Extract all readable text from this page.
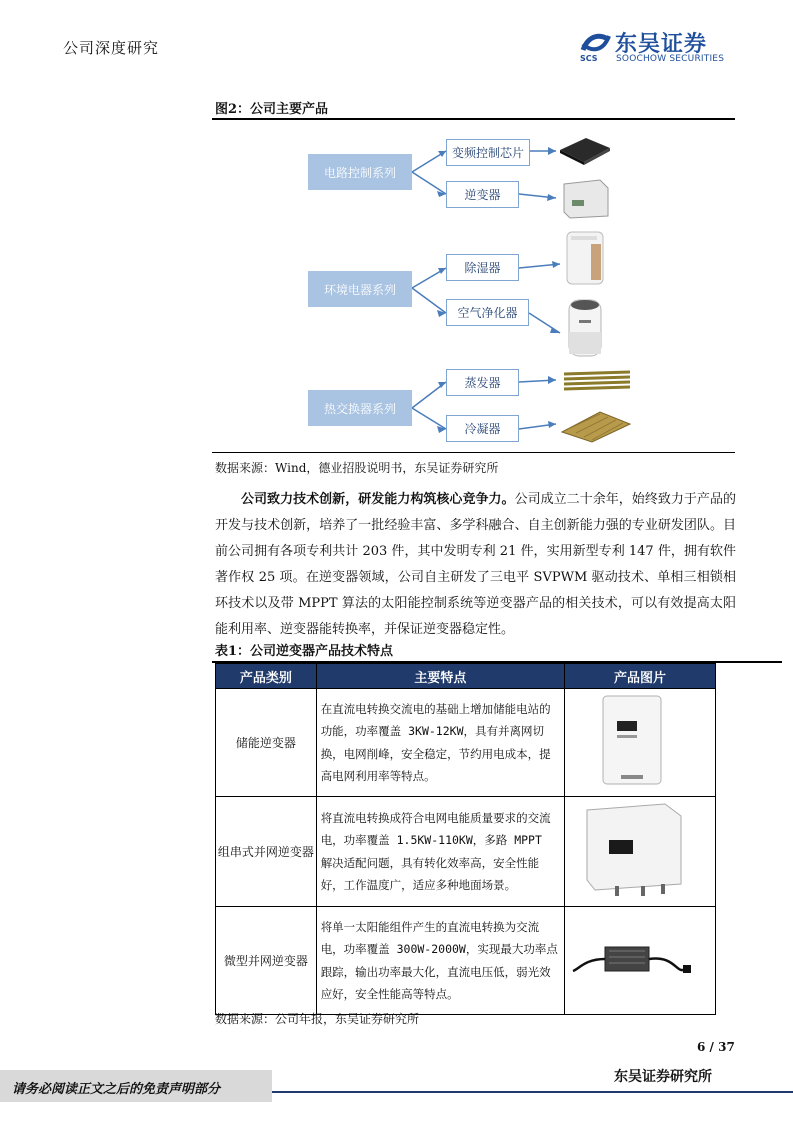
公司深度研究	东吴证券
SCS SOOCHOW SECURITIES
图2：公司主要产品
电路控制系列
环境电器系列
热交换器系列
变频控制芯片
逆变器
除湿器
空气净化器
蒸发器
冷凝器
数据来源：Wind，德业招股说明书，东吴证券研究所
公司致力技术创新，研发能力构筑核心竞争力。公司成立二十余年，始终致力于产品的开发与技术创新，培养了一批经验丰富、多学科融合、自主创新能力强的专业研发团队。目前公司拥有各项专利共计 203 件，其中发明专利 21 件，实用新型专利 147 件，拥有软件著作权 25 项。在逆变器领域，公司自主研发了三电平 SVPWM 驱动技术、单相三相锁相环技术以及带 MPPT 算法的太阳能控制系统等逆变器产品的相关技术，可以有效提高太阳能利用率、逆变器能转换率，并保证逆变器稳定性。
表1：公司逆变器产品技术特点
产品类别	主要特点	产品图片
储能逆变器	在直流电转换交流电的基础上增加储能电站的功能，功率覆盖 3KW-12KW，具有并离网切换，电网削峰，安全稳定，节约用电成本，提高电网利用率等特点。	
组串式并网逆变器	将直流电转换成符合电网电能质量要求的交流电，功率覆盖 1.5KW-110KW，多路 MPPT 解决适配问题，具有转化效率高，安全性能好，工作温度广，适应多种地面场景。	
微型并网逆变器	将单一太阳能组件产生的直流电转换为交流电，功率覆盖 300W-2000W，实现最大功率点跟踪，输出功率最大化，直流电压低，弱光效应好，安全性能高等特点。	
数据来源：公司年报，东吴证券研究所
6 / 37
请务必阅读正文之后的免责声明部分
东吴证券研究所
